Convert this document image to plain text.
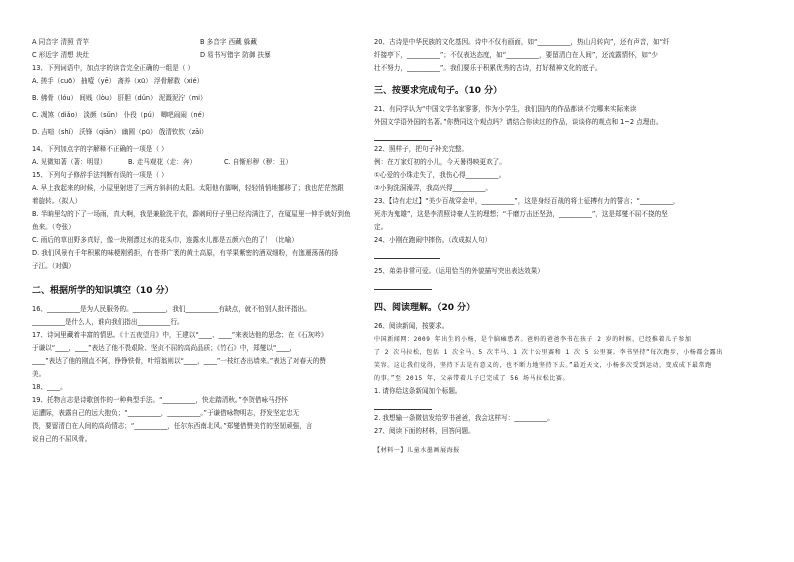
A 同音字 清照 青苹	B 多音字 西藏 躲藏
C 形近字 清想 块灶	D 易书写错字 防御 扶暴

13、下列词语中，加点字的读音完全正确的一组是（ ）

A. 搓手（cuō） 抽噎（yē） 斋养（xū） 浮骨解救（xié）

B. 佛骨（lóu） 间贱（lòu） 肝胆（dǔn） 泥溉泥泞（mi）

C. 凋煞（diǎo） 淡颜（sǔn） 仆役（pú） 唧吧闹闹（né）

D. 吉喧（shí） 沃锋（qiān） 幽圆（pū） 戗清钦钦（zāi）

14、下列加点字的字解释不正确的一项是（ ）

A. 见微知著（著：明显）	B. 走马观花（走：奔）	C. 自惭形秽（秽：丑）

15、下列句子修辞手法判断有误的一项是（ ）

A. 早上我起来的时候，小屋里射进了三两方斜斜的太阳。太阳他有脚啊，轻轻悄悄地挪移了；我也茫茫然跟

着旋转。（拟人）

B. 半晌里勾的下了一场雨，真大啊，我是兼脸洗干衣，霹刺间仔子里已经沟满注了，在厦屋里一伸手就好到鱼

鱼来。（夸张）

C. 雨后的草田野多真好，像一块刚漂过水的花头巾，连露水儿都是五颜六色的了！（比喻）

D. 我们风景有千年积累的味梗刚鸦拒，有苍莽广袤的黄土高原，有苹果紫密的酒双细粉，有迤逦荡荡的扬

子江。（对偶）

二、根据所学的知识填空（10 分）

16、__________是为人民服务的。__________，我们__________有缺点，就不怕别人批评指出。

__________是什么人，谁向我们指出__________行。

17、诗词里藏着丰富的情思。《十五夜望月》中，王建以“____、____”来表达他的思念；在《石灰吟》

于谦以“____，____”表达了他不畏艰险、坚贞不屈的高尚品质；《竹石》中，郑燮以“____，

____”表达了他的刚直不阿，铮铮铁骨，叶绍翁则以“____，____”一枝红杏出墙来。”表达了对春天的赞

美。

18、____。

19、托物言志是诗歌创作的一种典型手法。“__________，快走踏清秋。”李贺借咏马抒怀

运遭际，表露自己的远大抱负；“__________，__________。”于谦借咏物明志，抒发坚定忠无

畏，要留清白在人间的高尚情志；“__________，任尔东西南北风。”郑燮借赞美竹的坚韧顽强，言

说自己的不屈风骨。

20、古诗是中华民族的文化基因。诗中不仅有画面，如“__________，热山月转向”，还有声音，如“纤

纤接亭下，__________”；不仅表达态度，如“__________，要留清白在人间”，还流露情怀，如“少

壮不努力，__________”。我们要乐于积累优秀的古诗，打好精神文化的底子。

三、按要求完成句子。（10 分）

21、有同学认为“中国文学名家寥寥，作为小学生，我们国内的作品都读不完哪来实际来读

外国文学语外国的名著。”你赞同这个观点吗？请结合你读过的作品，谈谈你的观点和 1~2 点理由。

22、照样子，把句子补充完整。

例：在万家灯初的小儿，今天暑得映更欢了。

①心爱的小珠走失了，我伤心得__________。

②小狗洗洞澡弄，我高兴得__________。

23、【诗有走过】“美少百战穿金甲，__________”，这是身经百战的将士征搏有力的誓言；“__________，

死亦为鬼雄”，这是李清照诗豪人生的理想；“千磨万击还坚劲，__________”，这是郑燮不屈不挠的坚

定。

24、小刚在跑闹中摔伤。（改成拟人句）

25、弟弟非常可爱。（运用恰当的外貌描写突出表达效果）

四、阅读理解。（20 分）

26、阅读新闻，按要求。

中国新闻网：2009 年出生的小杨，是个脑瘫患者。爸妈的爸爸李书在孩子 2 岁的时候，已经推着儿子参加

了 2 次马拉松，包括 1 次全马、5 次半马、1 次十公里赛和 1 次 5 公里赛。李书坚持“每次跑步，小杨都会露出

笑容。这让我们觉得，坚持下去是有意义的，也不断力地坚持下去。”最近天文，小杨多次受到运动，变成成下最常跑

的事。”至 2015 年，父亲带着儿子已完成了 56 场马拉松比赛。

1. 请你给这条新闻加个标题。

2. 我想输一条微信发给罗书爸爸，我会这样写：__________。

27、阅读下面的材料，回答问题。

【材料一】儿童水墨画展海报
